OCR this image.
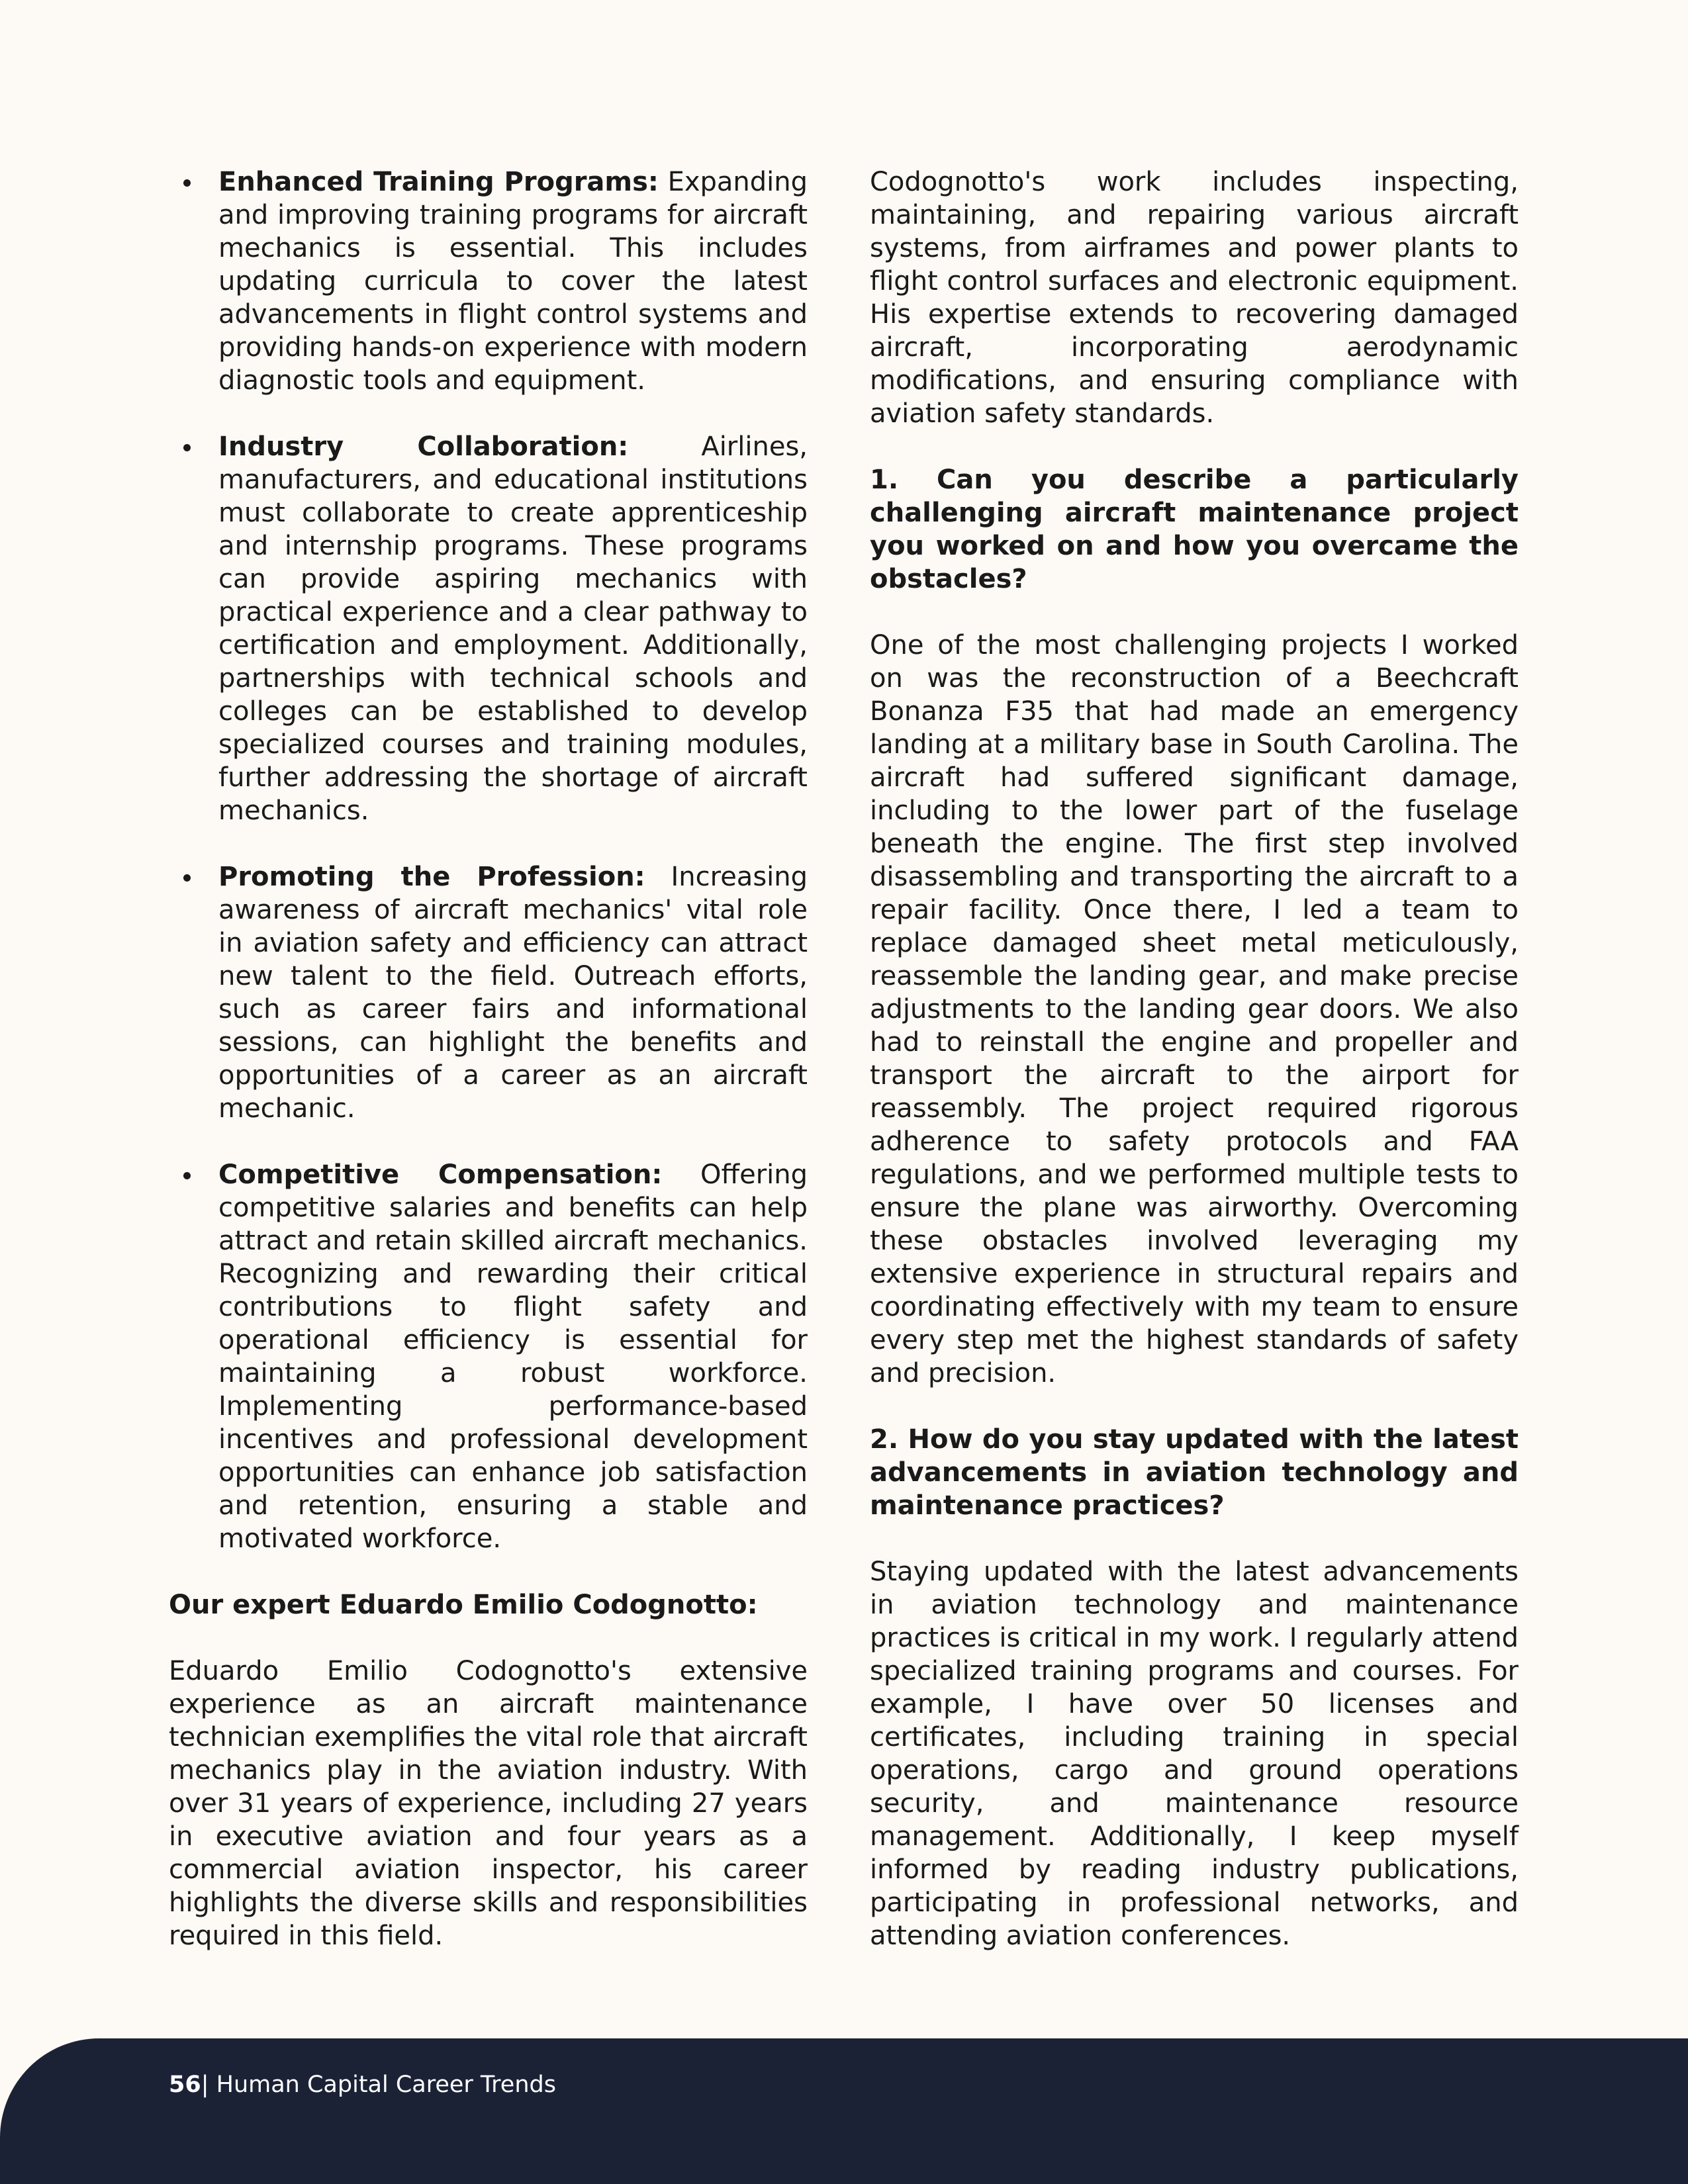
Enhanced Training Programs: Expanding and improving training programs for aircraft mechanics is essential. This includes updating curricula to cover the latest advancements in flight control systems and providing hands-on experience with modern diagnostic tools and equipment.
Industry Collaboration:	Airlines, manufacturers, and educational institutions must collaborate to create apprenticeship and internship programs. These programs can provide aspiring mechanics with practical experience and a clear pathway to certification and employment. Additionally, partnerships with technical schools and colleges can be established to develop specialized courses and training modules, further addressing the shortage of aircraft mechanics.
Promoting the Profession: Increasing awareness of aircraft mechanics' vital role in aviation safety and efficiency can attract new talent to the field. Outreach efforts, such as career fairs and informational sessions, can highlight the benefits and opportunities of a career as an aircraft mechanic.
Competitive Compensation: Offering competitive salaries and benefits can help attract and retain skilled aircraft mechanics. Recognizing and rewarding their critical contributions to flight safety and operational efficiency is essential for maintaining a robust workforce. Implementing performance-based incentives and professional development opportunities can enhance job satisfaction and retention, ensuring a stable and motivated workforce.
Our expert Eduardo Emilio Codognotto:

Eduardo Emilio Codognotto's extensive experience as an aircraft maintenance technician exemplifies the vital role that aircraft mechanics play in the aviation industry. With over 31 years of experience, including 27 years in executive aviation and four years as a commercial aviation inspector, his career highlights the diverse skills and responsibilities required in this field.

Codognotto's work includes inspecting, maintaining, and repairing various aircraft systems, from airframes and power plants to flight control surfaces and electronic equipment. His expertise extends to recovering damaged aircraft, incorporating aerodynamic modifications, and ensuring compliance with aviation safety standards.

1. Can you describe a particularly challenging aircraft maintenance project you worked on and how you overcame the obstacles?

One of the most challenging projects I worked on was the reconstruction of a Beechcraft Bonanza F35 that had made an emergency landing at a military base in South Carolina. The aircraft had suffered significant damage, including to the lower part of the fuselage beneath the engine. The first step involved disassembling and transporting the aircraft to a repair facility. Once there, I led a team to replace damaged sheet metal meticulously, reassemble the landing gear, and make precise adjustments to the landing gear doors. We also had to reinstall the engine and propeller and transport the aircraft to the airport for reassembly. The project required rigorous adherence to safety protocols and FAA regulations, and we performed multiple tests to ensure the plane was airworthy. Overcoming these obstacles involved leveraging my extensive experience in structural repairs and coordinating effectively with my team to ensure every step met the highest standards of safety and precision.

2. How do you stay updated with the latest advancements in aviation technology and maintenance practices?

Staying updated with the latest advancements in aviation technology and maintenance practices is critical in my work. I regularly attend specialized training programs and courses. For example, I have over 50 licenses and certificates, including training in special operations, cargo and ground operations security, and maintenance resource management. Additionally, I keep myself informed by reading industry publications, participating in professional networks, and attending aviation conferences.

56| Human Capital Career Trends
